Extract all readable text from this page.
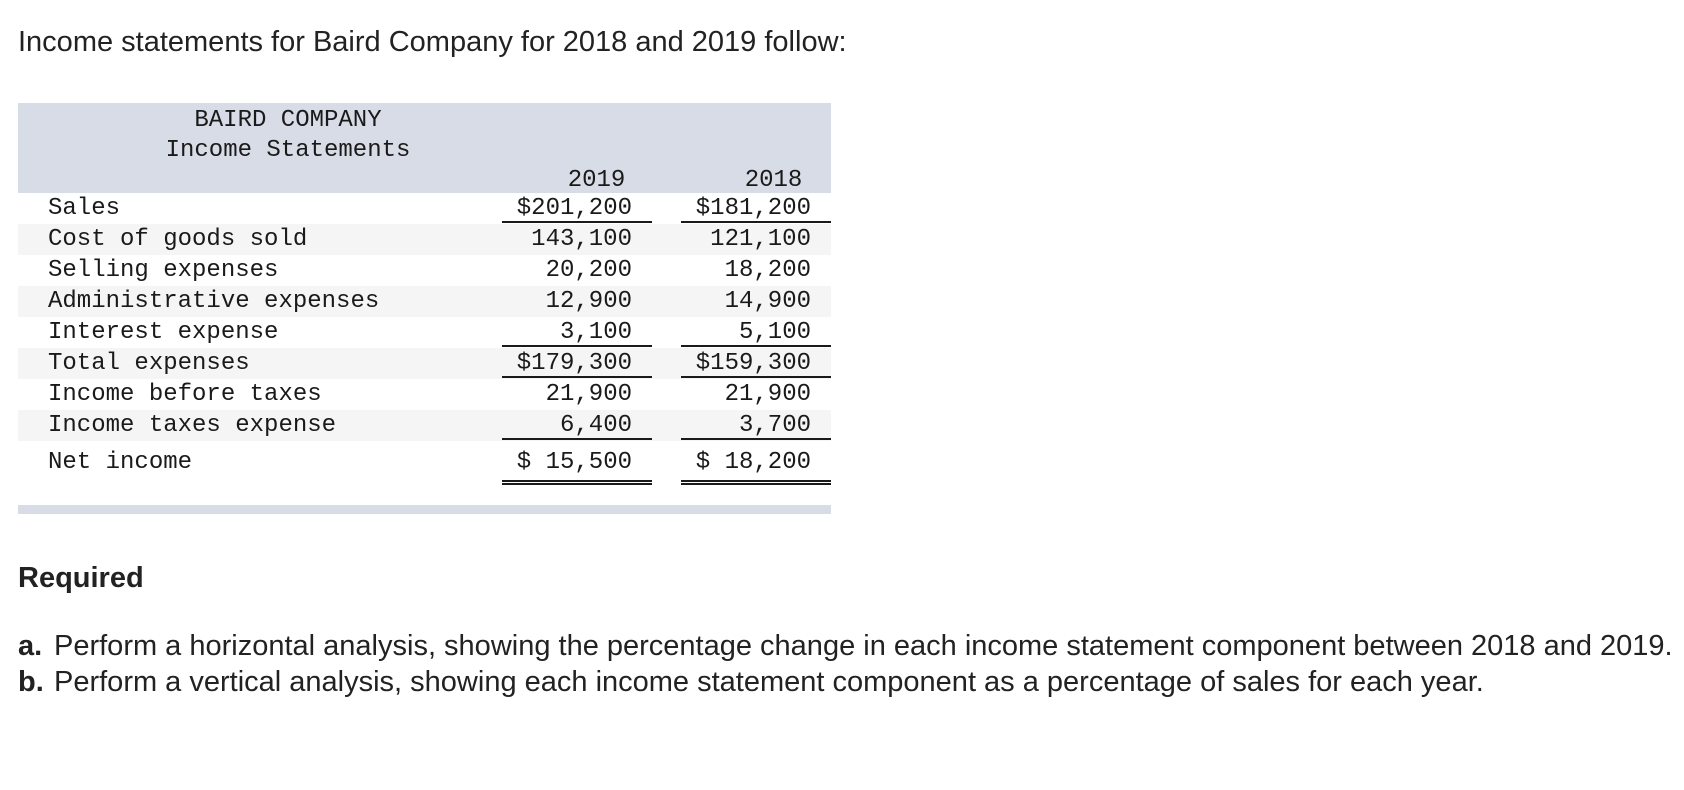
Income statements for Baird Company for 2018 and 2019 follow:

BAIRD COMPANY
Income Statements
2019	2018
Sales	$201,200	$181,200
Cost of goods sold	143,100	121,100
Selling expenses	20,200	18,200
Administrative expenses	12,900	14,900
Interest expense	3,100	5,100
Total expenses	$179,300	$159,300
Income before taxes	21,900	21,900
Income taxes expense	6,400	3,700
Net income	$ 15,500	$ 18,200
Required
a. Perform a horizontal analysis, showing the percentage change in each income statement component between 2018 and 2019.
b. Perform a vertical analysis, showing each income statement component as a percentage of sales for each year.
